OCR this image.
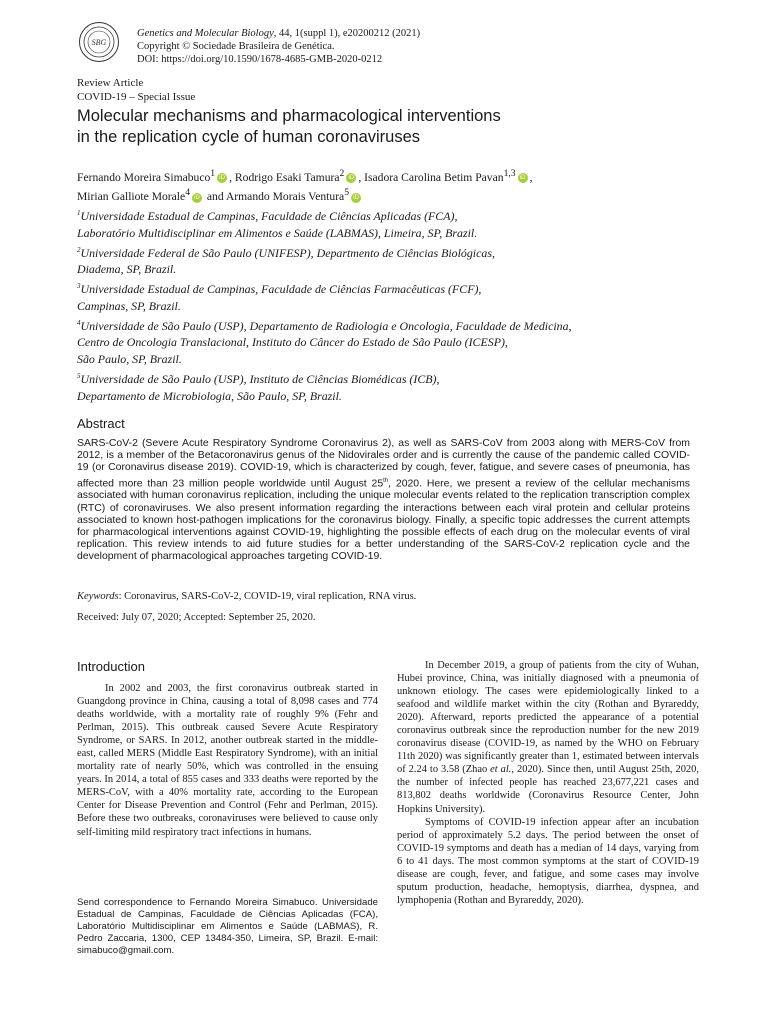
SBG
Genetics and Molecular Biology, 44, 1(suppl 1), e20200212 (2021)
Copyright © Sociedade Brasileira de Genética.
DOI: https://doi.org/10.1590/1678-4685-GMB-2020-0212
Review Article
COVID-19 – Special Issue
Molecular mechanisms and pharmacological interventions
in the replication cycle of human coronaviruses
Fernando Moreira Simabuco$^1$ iD , Rodrigo Esaki Tamura$^2$ iD , Isadora Carolina Betim Pavan$^{1,3}$ iD ,
Mirian Galliote Morale$^4$ iD and Armando Morais Ventura$^5$ iD
$^1$Universidade Estadual de Campinas, Faculdade de Ciências Aplicadas (FCA),
Laboratório Multidisciplinar em Alimentos e Saúde (LABMAS), Limeira, SP, Brazil.
$^2$Universidade Federal de São Paulo (UNIFESP), Departmento de Ciências Biológicas,
Diadema, SP, Brazil.
$^3$Universidade Estadual de Campinas, Faculdade de Ciências Farmacêuticas (FCF),
Campinas, SP, Brazil.
$^4$Universidade de São Paulo (USP), Departamento de Radiologia e Oncologia, Faculdade de Medicina,
Centro de Oncologia Translacional, Instituto do Câncer do Estado de São Paulo (ICESP),
São Paulo, SP, Brazil.
$^5$Universidade de São Paulo (USP), Instituto de Ciências Biomédicas (ICB),
Departamento de Microbiologia, São Paulo, SP, Brazil.
Abstract

SARS-CoV-2 (Severe Acute Respiratory Syndrome Coronavirus 2), as well as SARS-CoV from 2003 along with MERS-CoV from 2012, is a member of the Betacoronavirus genus of the Nidovirales order and is currently the cause of the pandemic called COVID-19 (or Coronavirus disease 2019). COVID-19, which is characterized by cough, fever, fatigue, and severe cases of pneumonia, has affected more than 23 million people worldwide until August 25th, 2020. Here, we present a review of the cellular mechanisms associated with human coronavirus replication, including the unique molecular events related to the replication transcription complex (RTC) of coronaviruses. We also present information regarding the interactions between each viral protein and cellular proteins associated to known host-pathogen implications for the coronavirus biology. Finally, a specific topic addresses the current attempts for pharmacological interventions against COVID-19, highlighting the possible effects of each drug on the molecular events of viral replication. This review intends to aid future studies for a better understanding of the SARS-CoV-2 replication cycle and the development of pharmacological approaches targeting COVID-19.

Keywords: Coronavirus, SARS-CoV-2, COVID-19, viral replication, RNA virus.
Received: July 07, 2020; Accepted: September 25, 2020.
Introduction

In 2002 and 2003, the first coronavirus outbreak started in Guangdong province in China, causing a total of 8,098 cases and 774 deaths worldwide, with a mortality rate of roughly 9% (Fehr and Perlman, 2015). This outbreak caused Severe Acute Respiratory Syndrome, or SARS. In 2012, another outbreak started in the middle-east, called MERS (Middle East Respiratory Syndrome), with an initial mortality rate of nearly 50%, which was controlled in the ensuing years. In 2014, a total of 855 cases and 333 deaths were reported by the MERS-CoV, with a 40% mortality rate, according to the European Center for Disease Prevention and Control (Fehr and Perlman, 2015). Before these two outbreaks, coronaviruses were believed to cause only self-limiting mild respiratory tract infections in humans.

Send correspondence to Fernando Moreira Simabuco. Universidade Estadual de Campinas, Faculdade de Ciências Aplicadas (FCA), Laboratório Multidisciplinar em Alimentos e Saúde (LABMAS), R. Pedro Zaccaria, 1300, CEP 13484-350, Limeira, SP, Brazil. E-mail: simabuco@gmail.com.

In December 2019, a group of patients from the city of Wuhan, Hubei province, China, was initially diagnosed with a pneumonia of unknown etiology. The cases were epidemiologically linked to a seafood and wildlife market within the city (Rothan and Byrareddy, 2020). Afterward, reports predicted the appearance of a potential coronavirus outbreak since the reproduction number for the new 2019 coronavirus disease (COVID-19, as named by the WHO on February 11th 2020) was significantly greater than 1, estimated between intervals of 2.24 to 3.58 (Zhao et al., 2020). Since then, until August 25th, 2020, the number of infected people has reached 23,677,221 cases and 813,802 deaths worldwide (Coronavirus Resource Center, John Hopkins University).

Symptoms of COVID-19 infection appear after an incubation period of approximately 5.2 days. The period between the onset of COVID-19 symptoms and death has a median of 14 days, varying from 6 to 41 days. The most common symptoms at the start of COVID-19 disease are cough, fever, and fatigue, and some cases may involve sputum production, headache, hemoptysis, diarrhea, dyspnea, and lymphopenia (Rothan and Byrareddy, 2020).
